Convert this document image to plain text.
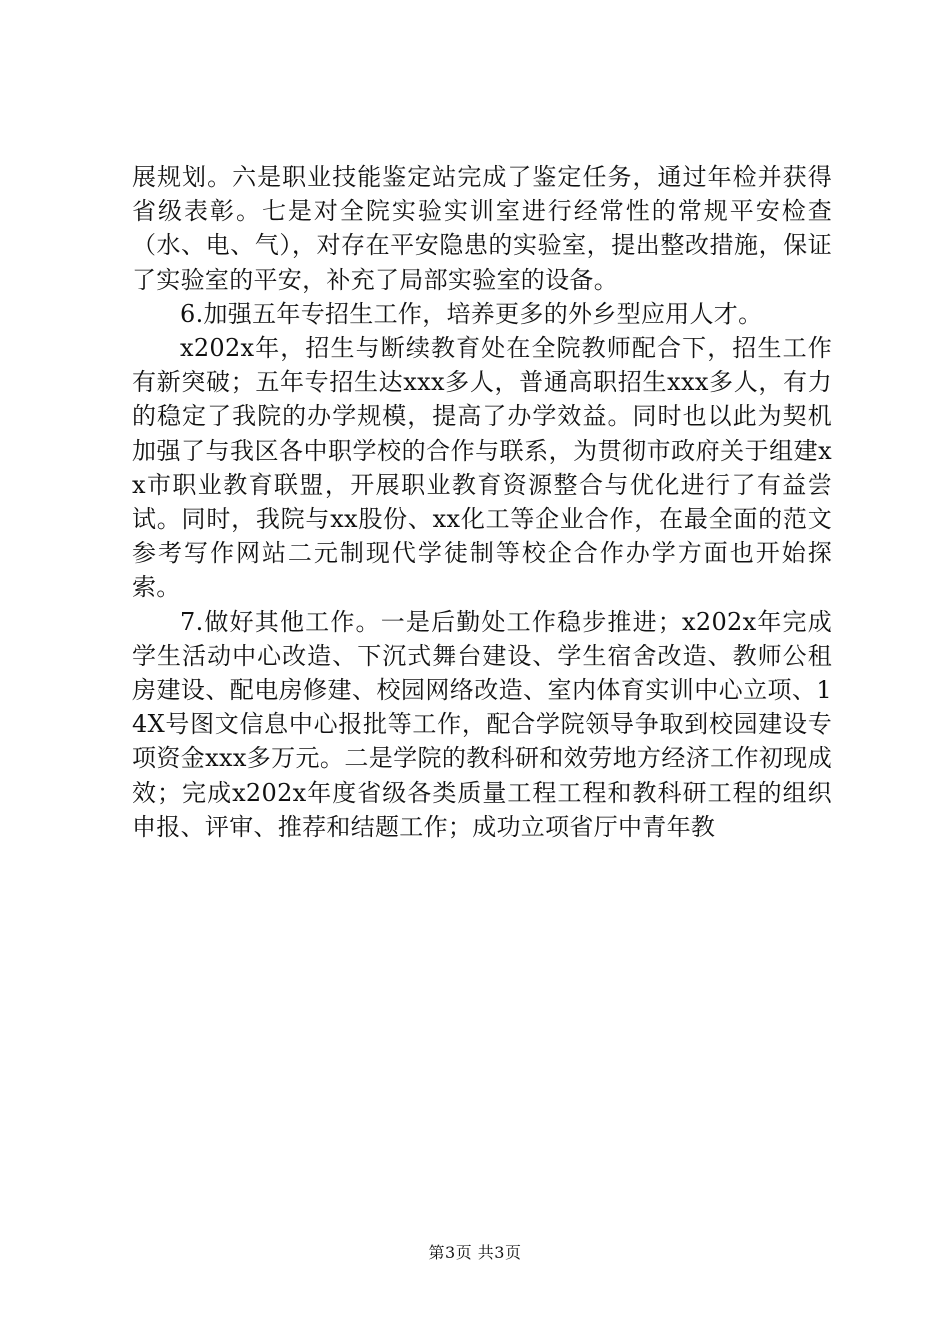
展规划。六是职业技能鉴定站完成了鉴定任务，通过年检并获得省级表彰。七是对全院实验实训室进行经常性的常规平安检查（水、电、气），对存在平安隐患的实验室，提出整改措施，保证了实验室的平安，补充了局部实验室的设备。

6.加强五年专招生工作，培养更多的外乡型应用人才。

x202x年，招生与断续教育处在全院教师配合下，招生工作有新突破；五年专招生达xxx多人，普通高职招生xxx多人，有力的稳定了我院的办学规模，提高了办学效益。同时也以此为契机加强了与我区各中职学校的合作与联系，为贯彻市政府关于组建xx市职业教育联盟，开展职业教育资源整合与优化进行了有益尝试。同时，我院与xx股份、xx化工等企业合作，在最全面的范文参考写作网站二元制现代学徒制等校企合作办学方面也开始探索。

7.做好其他工作。一是后勤处工作稳步推进；x202x年完成学生活动中心改造、下沉式舞台建设、学生宿舍改造、教师公租房建设、配电房修建、校园网络改造、室内体育实训中心立项、14X号图文信息中心报批等工作，配合学院领导争取到校园建设专项资金xxx多万元。二是学院的教科研和效劳地方经济工作初现成效；完成x202x年度省级各类质量工程工程和教科研工程的组织申报、评审、推荐和结题工作；成功立项省厅中青年教

第3页 共3页
